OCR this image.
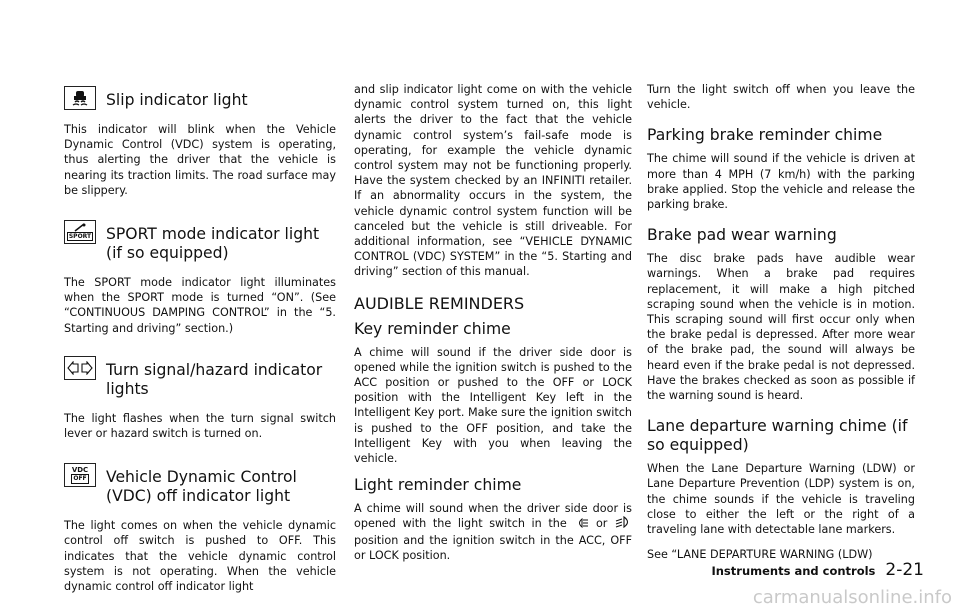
Slip indicator light

This indicator will blink when the Vehicle Dynamic Control (VDC) system is operating, thus alerting the driver that the vehicle is nearing its traction limits. The road surface may be slippery.

SPORT SPORT mode indicator light (if so equipped)

The SPORT mode indicator light illuminates when the SPORT mode is turned “ON”. (See “CONTINUOUS DAMPING CONTROL” in the “5. Starting and driving” section.)

Turn signal/hazard indicator lights

The light flashes when the turn signal switch lever or hazard switch is turned on.

VDC
OFF	Vehicle Dynamic Control (VDC) off indicator light

The light comes on when the vehicle dynamic control off switch is pushed to OFF. This indicates that the vehicle dynamic control system is not operating. When the vehicle dynamic control off indicator light

and slip indicator light come on with the vehicle dynamic control system turned on, this light alerts the driver to the fact that the vehicle dynamic control system’s fail-safe mode is operating, for example the vehicle dynamic control system may not be functioning properly. Have the system checked by an INFINITI retailer. If an abnormality occurs in the system, the vehicle dynamic control system function will be canceled but the vehicle is still driveable. For additional information, see “VEHICLE DYNAMIC CONTROL (VDC) SYSTEM” in the “5. Starting and driving” section of this manual.

AUDIBLE REMINDERS
Key reminder chime

A chime will sound if the driver side door is opened while the ignition switch is pushed to the ACC position or pushed to the OFF or LOCK position with the Intelligent Key left in the Intelligent Key port. Make sure the ignition switch is pushed to the OFF position, and take the Intelligent Key with you when leaving the vehicle.

Light reminder chime

A chime will sound when the driver side door is opened with the light switch in the	or  position and the ignition switch in the ACC, OFF or LOCK position.

Turn the light switch off when you leave the vehicle.

Parking brake reminder chime

The chime will sound if the vehicle is driven at more than 4 MPH (7 km/h) with the parking brake applied. Stop the vehicle and release the parking brake.

Brake pad wear warning

The disc brake pads have audible wear warnings. When a brake pad requires replacement, it will make a high pitched scraping sound when the vehicle is in motion. This scraping sound will first occur only when the brake pedal is depressed. After more wear of the brake pad, the sound will always be heard even if the brake pedal is not depressed. Have the brakes checked as soon as possible if the warning sound is heard.

Lane departure warning chime (if so equipped)

When the Lane Departure Warning (LDW) or Lane Departure Prevention (LDP) system is on, the chime sounds if the vehicle is traveling close to either the left or the right of a traveling lane with detectable lane markers.

See “LANE DEPARTURE WARNING (LDW)

Instruments and controls 2-21
carmanualsonline.info
